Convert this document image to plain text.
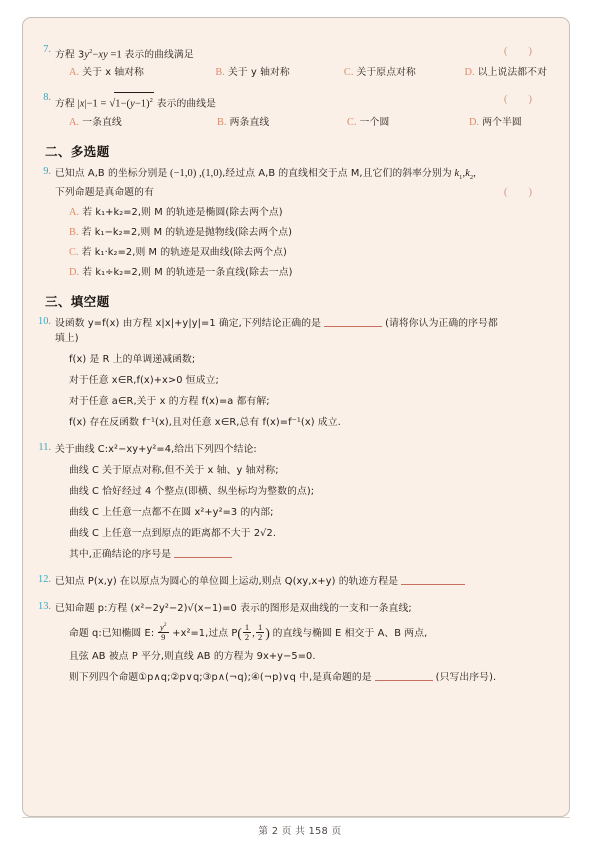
7. 方程 $3y^2-xy =1$ 表示的曲线满足	( )
A. 关于 x 轴对称	B. 关于 y 轴对称	C. 关于原点对称	D. 以上说法都不对
8.
方程 $|x|-1 = √1-(y-1)^2$ 表示的曲线是	( )
A. 一条直线	B. 两条直线	C. 一个圆	D. 两个半圆
二、多选题
9. 已知点 A,B 的坐标分别是 (−1,0) ,(1,0),经过点 A,B 的直线相交于点 M,且它们的斜率分别为 $k_1,k_2$,
下列命题是真命题的有	( )
A. 若 k₁+k₂=2,则 M 的轨迹是椭圆(除去两个点)
B. 若 k₁−k₂=2,则 M 的轨迹是抛物线(除去两个点)
C. 若 k₁·k₂=2,则 M 的轨迹是双曲线(除去两个点)
D. 若 k₁÷k₂=2,则 M 的轨迹是一条直线(除去一点)
三、填空题
10. 设函数 y=f(x) 由方程 x|x|+y|y|=1 确定,下列结论正确的是	(请将你认为正确的序号都
填上)
f(x) 是 R 上的单调递减函数;
对于任意 x∈R,f(x)+x>0 恒成立;
对于任意 a∈R,关于 x 的方程 f(x)=a 都有解;
f(x) 存在反函数 f⁻¹(x),且对任意 x∈R,总有 f(x)=f⁻¹(x) 成立.
11. 关于曲线 C:x²−xy+y²=4,给出下列四个结论:
曲线 C 关于原点对称,但不关于 x 轴、y 轴对称;
曲线 C 恰好经过 4 个整点(即横、纵坐标均为整数的点);
曲线 C 上任意一点都不在圆 x²+y²=3 的内部;
曲线 C 上任意一点到原点的距离都不大于 2√2.
其中,正确结论的序号是
12. 已知点 P(x,y) 在以原点为圆心的单位圆上运动,则点 Q(xy,x+y) 的轨迹方程是
13. 已知命题 p:方程 (x²−2y²−2)√(x−1)=0 表示的图形是双曲线的一支和一条直线;
命题 q:已知椭圆 E: $\frac{y^2}{9} +x^2=1$,过点 $P( \frac{1}{2}$ , $\frac{1}{2}$ ) 的直线与椭圆 E 相交于 A、B 两点,
且弦 AB 被点 P 平分,则直线 AB 的方程为 9x+y−5=0.
则下列四个命题①p∧q;②p∨q;③p∧(¬q);④(¬p)∨q 中,是真命题的是	(只写出序号).
第 2 页 共 158 页
